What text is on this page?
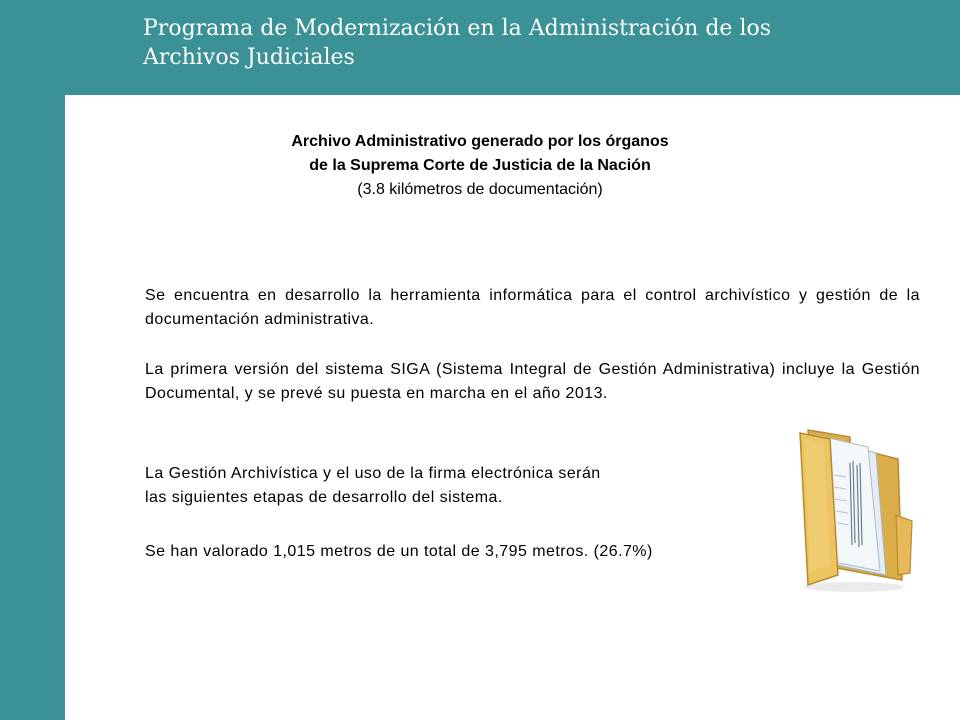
Programa de Modernización en la Administración de los
Archivos Judiciales
Archivo Administrativo generado por los órganos
de la Suprema Corte de Justicia de la Nación
(3.8 kilómetros de documentación)

Se encuentra en desarrollo la herramienta informática para el control archivístico y gestión de la documentación administrativa.

La primera versión del sistema SIGA (Sistema Integral de Gestión Administrativa) incluye la Gestión Documental, y se prevé su puesta en marcha en el año 2013.

La Gestión Archivística y el uso de la firma electrónica serán
las siguientes etapas de desarrollo del sistema.

Se han valorado 1,015 metros de un total de 3,795 metros. (26.7%)
